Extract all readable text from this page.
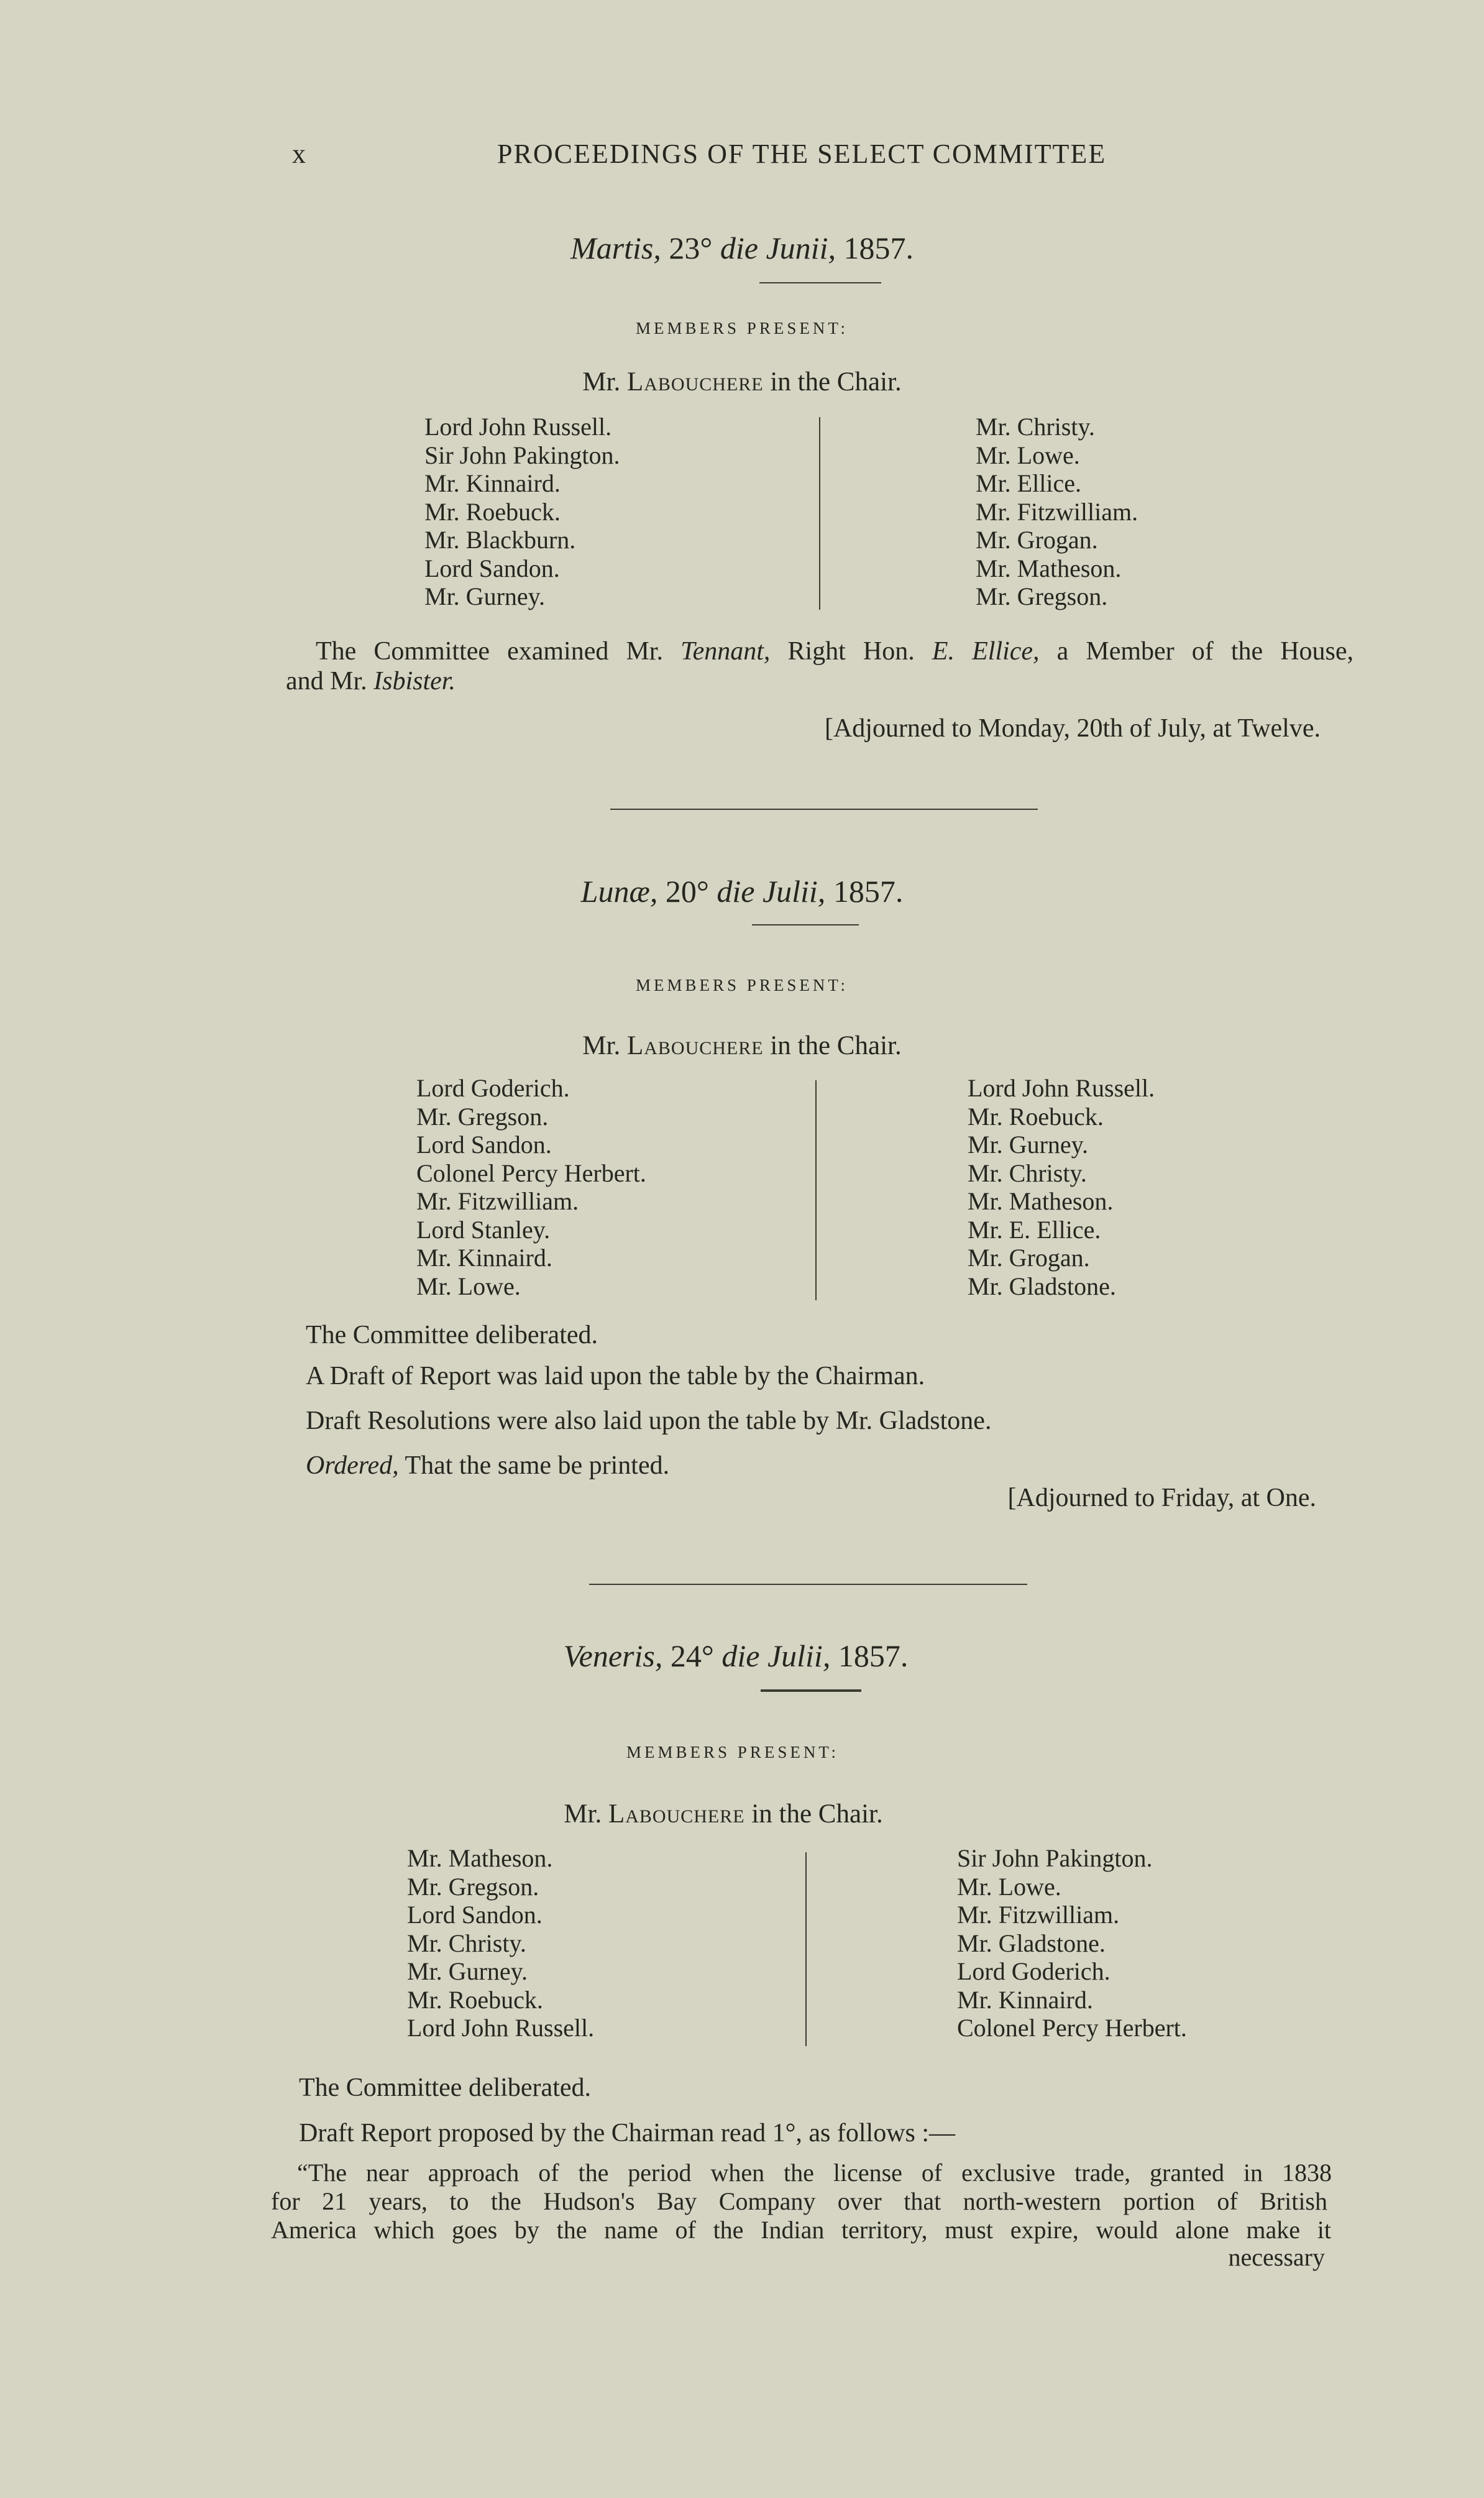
x	PROCEEDINGS OF THE SELECT COMMITTEE
Martis, 23° die Junii, 1857.
MEMBERS PRESENT:
Mr. Labouchere in the Chair.
Lord John Russell.
Sir John Pakington.
Mr. Kinnaird.
Mr. Roebuck.
Mr. Blackburn.
Lord Sandon.
Mr. Gurney.
Mr. Christy.
Mr. Lowe.
Mr. Ellice.
Mr. Fitzwilliam.
Mr. Grogan.
Mr. Matheson.
Mr. Gregson.
The Committee examined Mr. Tennant, Right Hon. E. Ellice, a Member of the House,
and Mr. Isbister.
[Adjourned to Monday, 20th of July, at Twelve.
Lunæ, 20° die Julii, 1857.
MEMBERS PRESENT:
Mr. Labouchere in the Chair.
Lord Goderich.
Mr. Gregson.
Lord Sandon.
Colonel Percy Herbert.
Mr. Fitzwilliam.
Lord Stanley.
Mr. Kinnaird.
Mr. Lowe.
Lord John Russell.
Mr. Roebuck.
Mr. Gurney.
Mr. Christy.
Mr. Matheson.
Mr. E. Ellice.
Mr. Grogan.
Mr. Gladstone.
The Committee deliberated.
A Draft of Report was laid upon the table by the Chairman.
Draft Resolutions were also laid upon the table by Mr. Gladstone.
Ordered, That the same be printed.
[Adjourned to Friday, at One.
Veneris, 24° die Julii, 1857.
MEMBERS PRESENT:
Mr. Labouchere in the Chair.
Mr. Matheson.
Mr. Gregson.
Lord Sandon.
Mr. Christy.
Mr. Gurney.
Mr. Roebuck.
Lord John Russell.
Sir John Pakington.
Mr. Lowe.
Mr. Fitzwilliam.
Mr. Gladstone.
Lord Goderich.
Mr. Kinnaird.
Colonel Percy Herbert.
The Committee deliberated.
Draft Report proposed by the Chairman read 1°, as follows :—
“The near approach of the period when the license of exclusive trade, granted in 1838
for 21 years, to the Hudson's Bay Company over that north-western portion of British
America which goes by the name of the Indian territory, must expire, would alone make it
necessary
